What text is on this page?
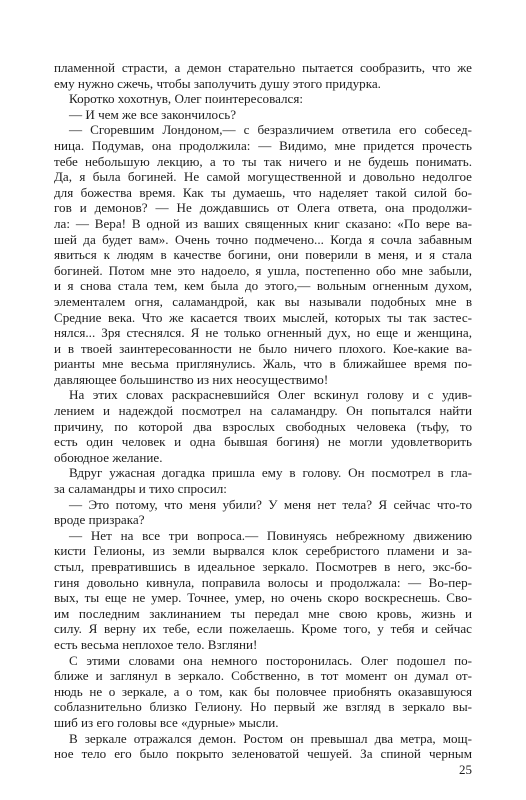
пламенной страсти, а демон старательно пытается сообразить, что же
ему нужно сжечь, чтобы заполучить душу этого придурка.
Коротко хохотнув, Олег поинтересовался:
— И чем же все закончилось?
— Сгоревшим Лондоном,— с безразличием ответила его собесед-
ница. Подумав, она продолжила: — Видимо, мне придется прочесть
тебе небольшую лекцию, а то ты так ничего и не будешь понимать.
Да, я была богиней. Не самой могущественной и довольно недолгое
для божества время. Как ты думаешь, что наделяет такой силой бо-
гов и демонов? — Не дождавшись от Олега ответа, она продолжи-
ла: — Вера! В одной из ваших священных книг сказано: «По вере ва-
шей да будет вам». Очень точно подмечено... Когда я сочла забавным
явиться к людям в качестве богини, они поверили в меня, и я стала
богиней. Потом мне это надоело, я ушла, постепенно обо мне забыли,
и я снова стала тем, кем была до этого,— вольным огненным духом,
элементалем огня, саламандрой, как вы называли подобных мне в
Средние века. Что же касается твоих мыслей, которых ты так застес-
нялся... Зря стеснялся. Я не только огненный дух, но еще и женщина,
и в твоей заинтересованности не было ничего плохого. Кое-какие ва-
рианты мне весьма приглянулись. Жаль, что в ближайшее время по-
давляющее большинство из них неосуществимо!
На этих словах раскрасневшийся Олег вскинул голову и с удив-
лением и надеждой посмотрел на саламандру. Он попытался найти
причину, по которой два взрослых свободных человека (тьфу, то
есть один человек и одна бывшая богиня) не могли удовлетворить
обоюдное желание.
Вдруг ужасная догадка пришла ему в голову. Он посмотрел в гла-
за саламандры и тихо спросил:
— Это потому, что меня убили? У меня нет тела? Я сейчас что-то
вроде призрака?
— Нет на все три вопроса.— Повинуясь небрежному движению
кисти Гелионы, из земли вырвался клок серебристого пламени и за-
стыл, превратившись в идеальное зеркало. Посмотрев в него, экс-бо-
гиня довольно кивнула, поправила волосы и продолжала: — Во-пер-
вых, ты еще не умер. Точнее, умер, но очень скоро воскреснешь. Сво-
им последним заклинанием ты передал мне свою кровь, жизнь и
силу. Я верну их тебе, если пожелаешь. Кроме того, у тебя и сейчас
есть весьма неплохое тело. Взгляни!
С этими словами она немного посторонилась. Олег подошел по-
ближе и заглянул в зеркало. Собственно, в тот момент он думал от-
нюдь не о зеркале, а о том, как бы половчее приобнять оказавшуюся
соблазнительно близко Гелиону. Но первый же взгляд в зеркало вы-
шиб из его головы все «дурные» мысли.
В зеркале отражался демон. Ростом он превышал два метра, мощ-
ное тело его было покрыто зеленоватой чешуей. За спиной черным
25
